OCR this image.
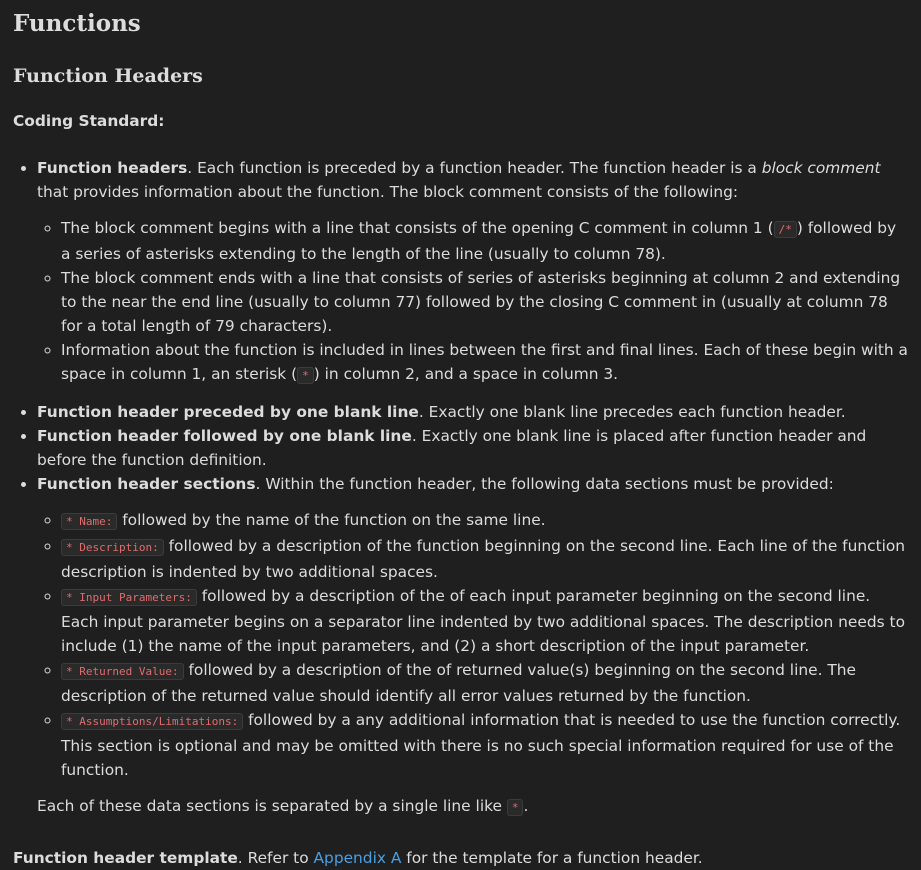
Functions
Function Headers
Coding Standard:
• Function headers. Each function is preceded by a function header. The function header is a block comment that provides information about the function. The block comment consists of the following:
◦ The block comment begins with a line that consists of the opening C comment in column 1 ( /* ) followed by a series of asterisks extending to the length of the line (usually to column 78).
◦ The block comment ends with a line that consists of series of asterisks beginning at column 2 and extending to the near the end line (usually to column 77) followed by the closing C comment in (usually at column 78 for a total length of 79 characters).
◦ Information about the function is included in lines between the first and final lines. Each of these begin with a space in column 1, an sterisk ( * ) in column 2, and a space in column 3.
• Function header preceded by one blank line. Exactly one blank line precedes each function header.
• Function header followed by one blank line. Exactly one blank line is placed after function header and before the function definition.
• Function header sections. Within the function header, the following data sections must be provided:
◦ * Name: followed by the name of the function on the same line.
◦ * Description: followed by a description of the function beginning on the second line. Each line of the function description is indented by two additional spaces.
◦ * Input Parameters: followed by a description of the of each input parameter beginning on the second line. Each input parameter begins on a separator line indented by two additional spaces. The description needs to include (1) the name of the input parameters, and (2) a short description of the input parameter.
◦ * Returned Value: followed by a description of the of returned value(s) beginning on the second line. The description of the returned value should identify all error values returned by the function.
◦ * Assumptions/Limitations: followed by a any additional information that is needed to use the function correctly. This section is optional and may be omitted with there is no such special information required for use of the function.
Each of these data sections is separated by a single line like * .
Function header template. Refer to Appendix A for the template for a function header.
